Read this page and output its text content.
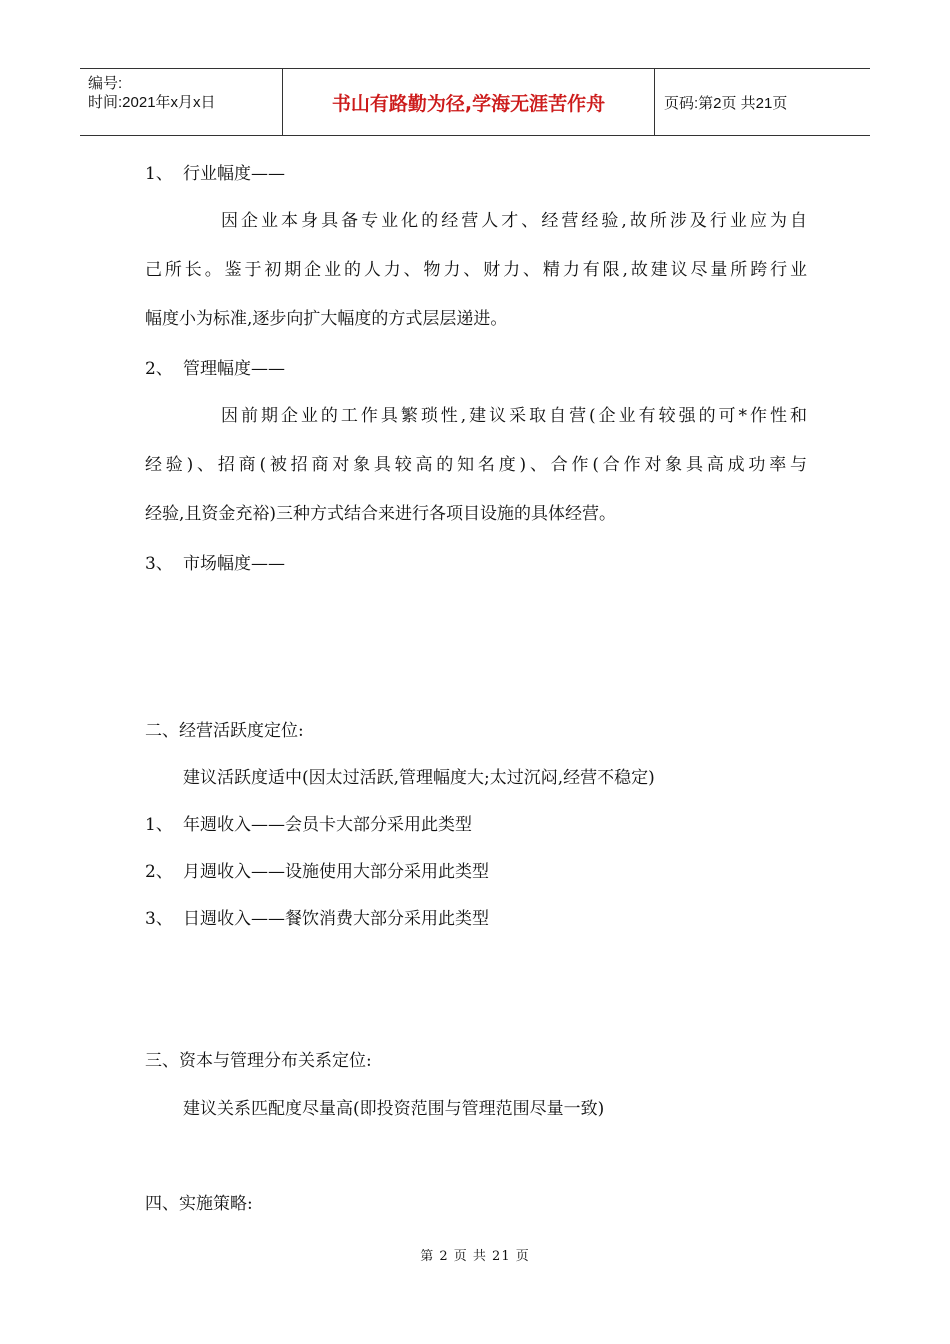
编号:
时间:2021年x月x日	书山有路勤为径,学海无涯苦作舟	页码:第2页 共21页
1、 行业幅度——
因企业本身具备专业化的经营人才、经营经验,故所涉及行业应为自
己所长。鉴于初期企业的人力、物力、财力、精力有限,故建议尽量所跨行业
幅度小为标准,逐步向扩大幅度的方式层层递进。
2、 管理幅度——
因前期企业的工作具繁琐性,建议采取自营(企业有较强的可*作性和
经验)、招商(被招商对象具较高的知名度)、合作(合作对象具高成功率与
经验,且资金充裕)三种方式结合来进行各项目设施的具体经营。
3、 市场幅度——
二、经营活跃度定位:
建议活跃度适中(因太过活跃,管理幅度大;太过沉闷,经营不稳定)
1、 年週收入——会员卡大部分采用此类型
2、 月週收入——设施使用大部分采用此类型
3、 日週收入——餐饮消费大部分采用此类型
三、资本与管理分布关系定位:
建议关系匹配度尽量高(即投资范围与管理范围尽量一致)
四、实施策略:
第 2 页 共 21 页
